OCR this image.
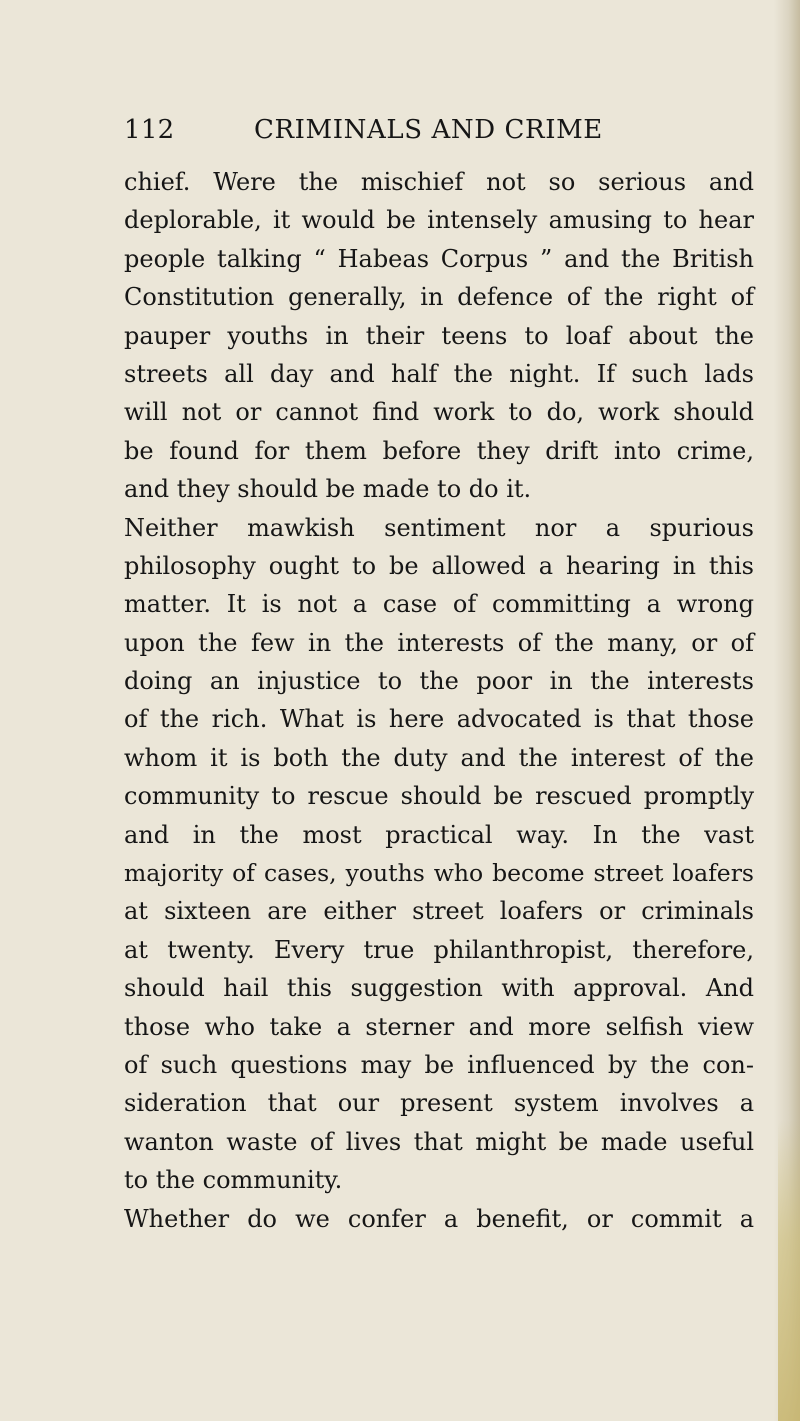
112	CRIMINALS AND CRIME
chief. Were the mischief not so serious and
deplorable, it would be intensely amusing to hear
people talking “ Habeas Corpus ” and the British
Constitution generally, in defence of the right of
pauper youths in their teens to loaf about the
streets all day and half the night. If such lads
will not or cannot find work to do, work should
be found for them before they drift into crime,
and they should be made to do it.
Neither mawkish sentiment nor a spurious
philosophy ought to be allowed a hearing in this
matter. It is not a case of committing a wrong
upon the few in the interests of the many, or of
doing an injustice to the poor in the interests
of the rich. What is here advocated is that those
whom it is both the duty and the interest of the
community to rescue should be rescued promptly
and in the most practical way. In the vast
majority of cases, youths who become street loafers
at sixteen are either street loafers or criminals
at twenty. Every true philanthropist, therefore,
should hail this suggestion with approval. And
those who take a sterner and more selfish view
of such questions may be influenced by the con-
sideration that our present system involves a
wanton waste of lives that might be made useful
to the community.
Whether do we confer a benefit, or commit a
